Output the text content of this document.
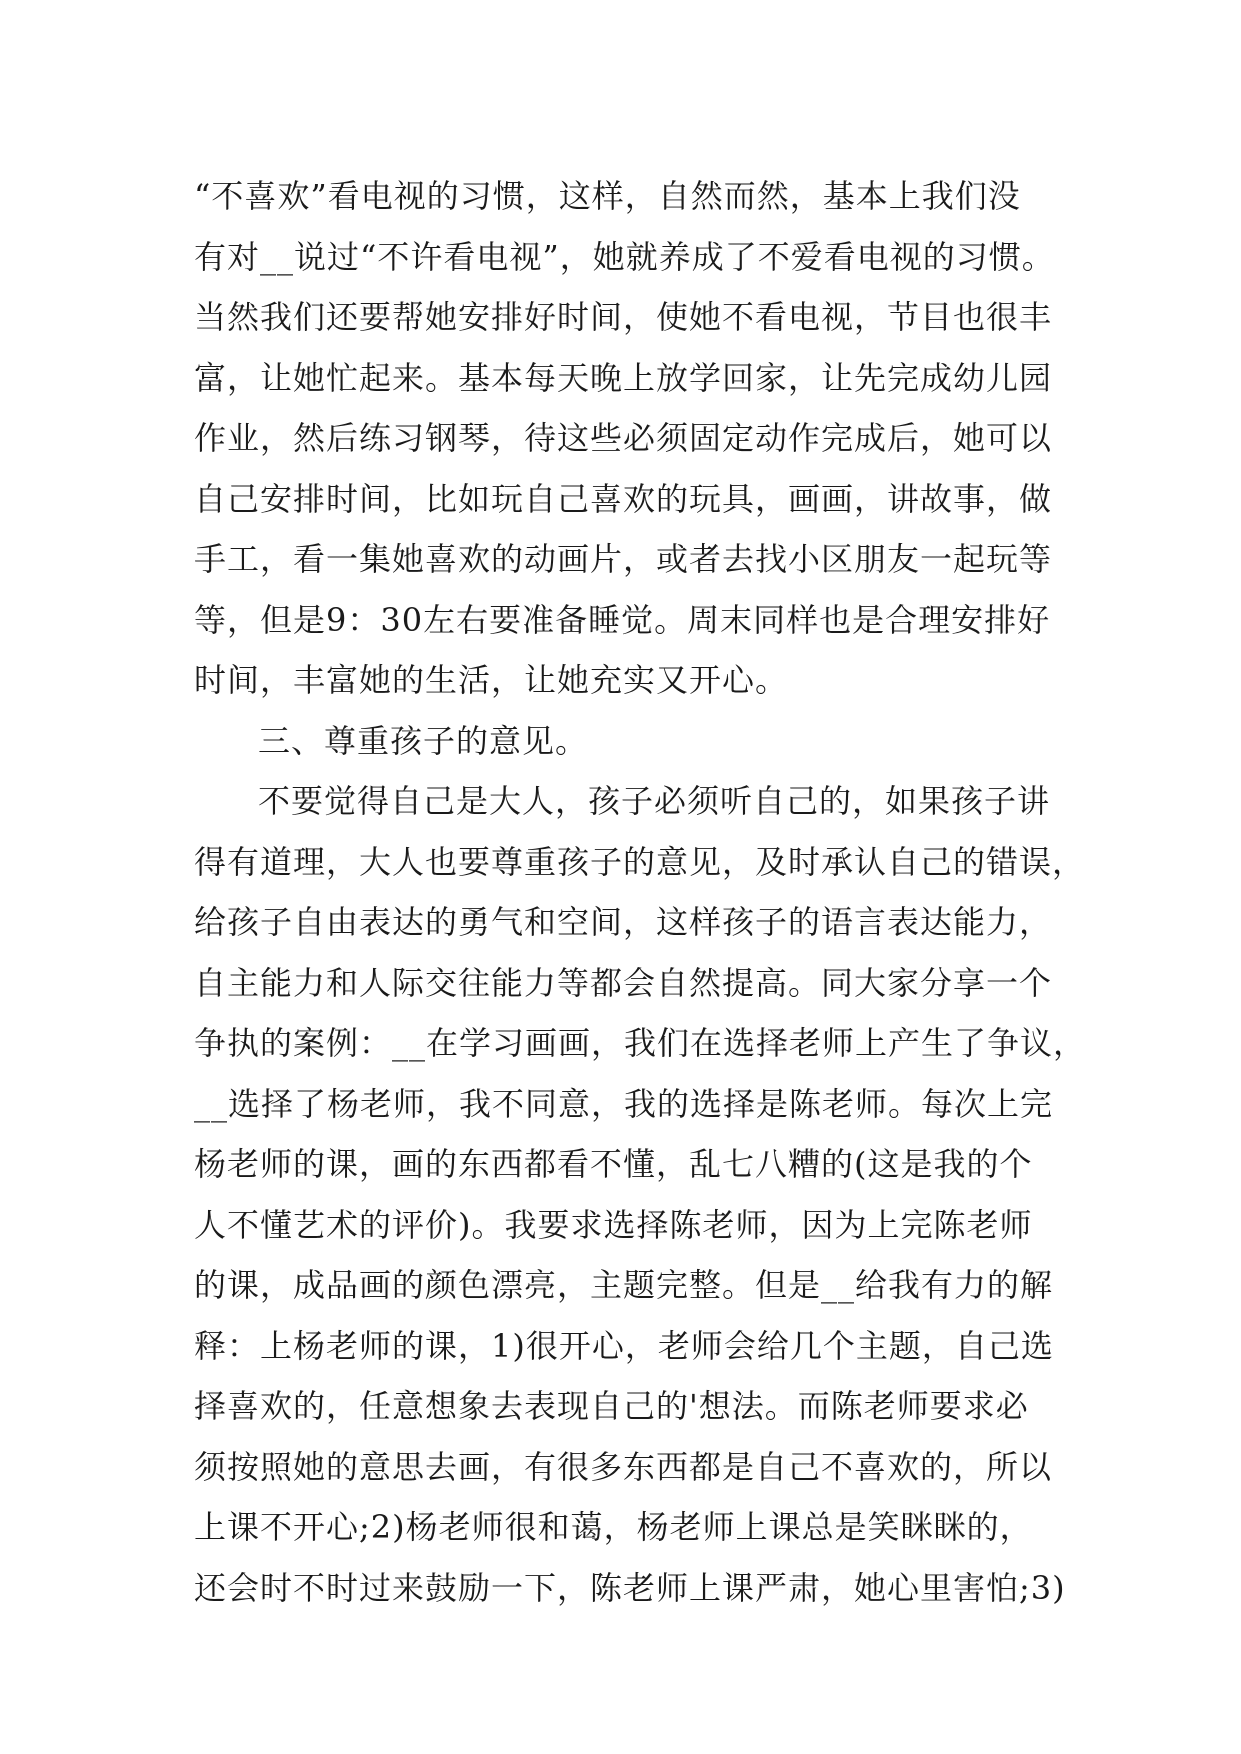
“不喜欢”看电视的习惯，这样，自然而然，基本上我们没
有对__说过“不许看电视”，她就养成了不爱看电视的习惯。
当然我们还要帮她安排好时间，使她不看电视，节目也很丰
富，让她忙起来。基本每天晚上放学回家，让先完成幼儿园
作业，然后练习钢琴，待这些必须固定动作完成后，她可以
自己安排时间，比如玩自己喜欢的玩具，画画，讲故事，做
手工，看一集她喜欢的动画片，或者去找小区朋友一起玩等
等，但是9：30左右要准备睡觉。周末同样也是合理安排好
时间，丰富她的生活，让她充实又开心。
三、尊重孩子的意见。
不要觉得自己是大人，孩子必须听自己的，如果孩子讲
得有道理，大人也要尊重孩子的意见，及时承认自己的错误，
给孩子自由表达的勇气和空间，这样孩子的语言表达能力，
自主能力和人际交往能力等都会自然提高。同大家分享一个
争执的案例：__在学习画画，我们在选择老师上产生了争议，
__选择了杨老师，我不同意，我的选择是陈老师。每次上完
杨老师的课，画的东西都看不懂，乱七八糟的(这是我的个
人不懂艺术的评价)。我要求选择陈老师，因为上完陈老师
的课，成品画的颜色漂亮，主题完整。但是__给我有力的解
释：上杨老师的课，1)很开心，老师会给几个主题，自己选
择喜欢的，任意想象去表现自己的'想法。而陈老师要求必
须按照她的意思去画，有很多东西都是自己不喜欢的，所以
上课不开心;2)杨老师很和蔼，杨老师上课总是笑眯眯的，
还会时不时过来鼓励一下，陈老师上课严肃，她心里害怕;3)
